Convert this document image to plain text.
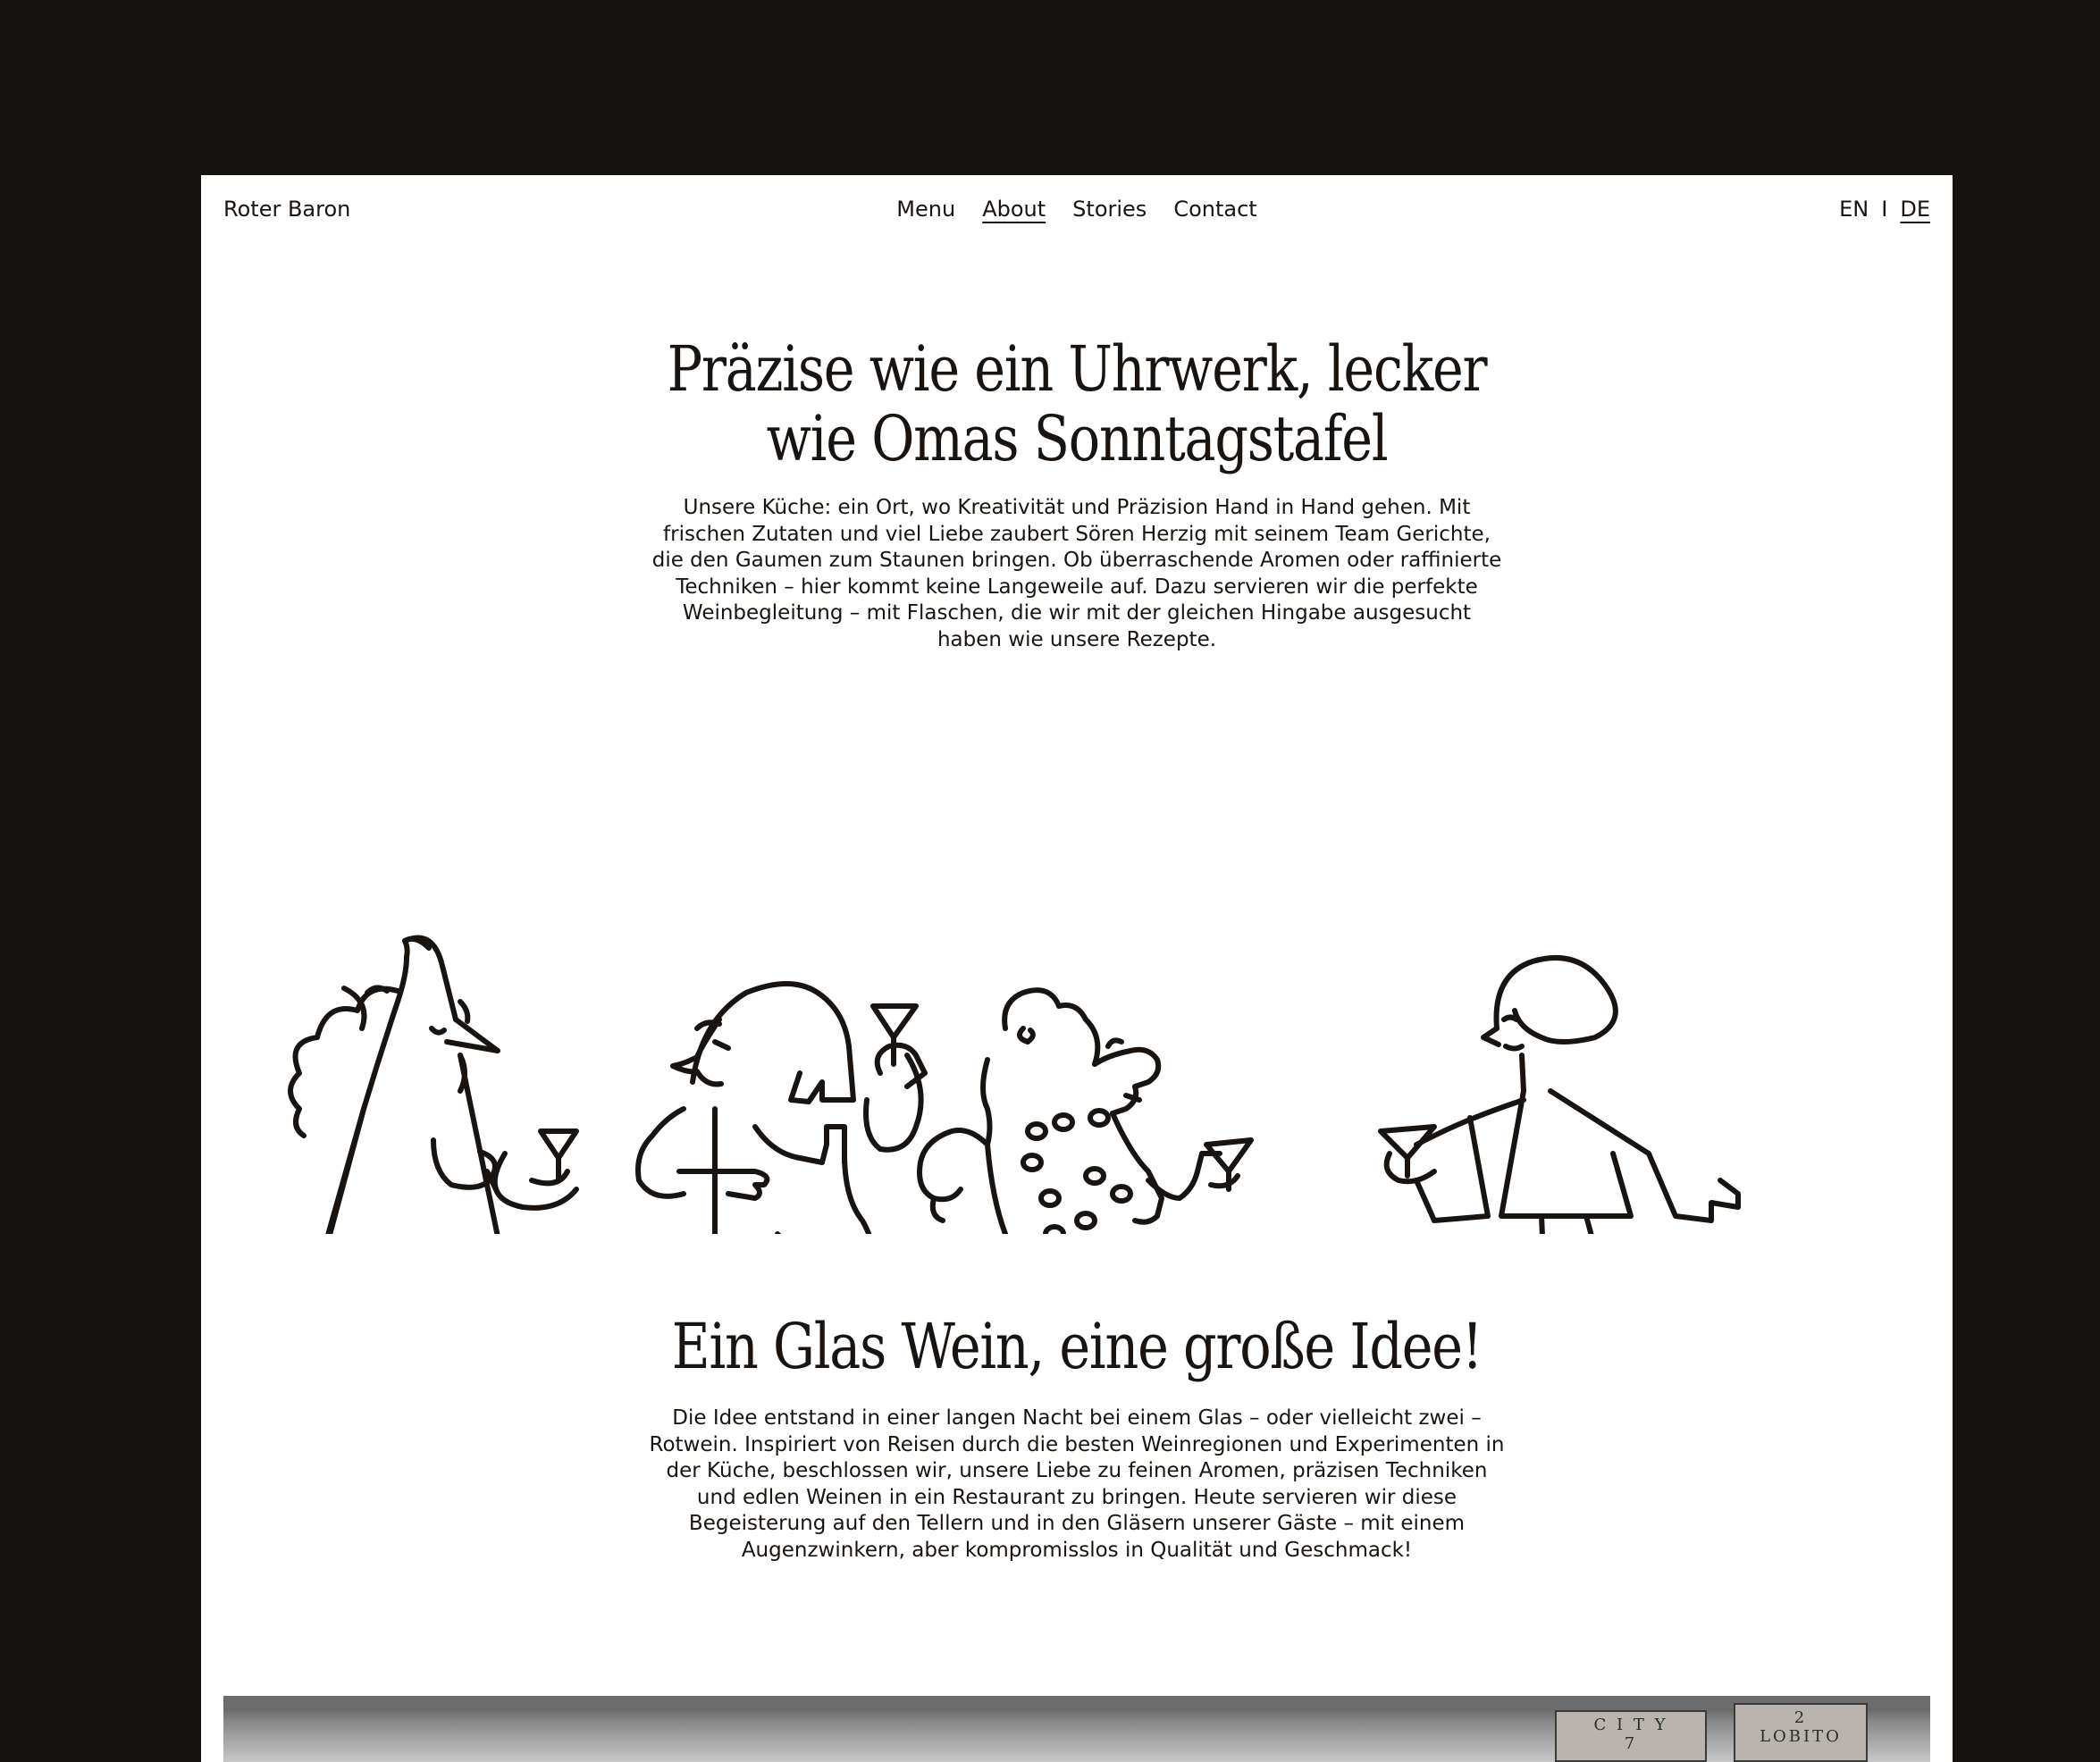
Roter Baron	Menu About Stories Contact	EN I DE
Präzise wie ein Uhrwerk, lecker
wie Omas Sonntagstafel

Unsere Küche: ein Ort, wo Kreativität und Präzision Hand in Hand gehen. Mit frischen Zutaten und viel Liebe zaubert Sören Herzig mit seinem Team Gerichte, die den Gaumen zum Staunen bringen. Ob überraschende Aromen oder raffinierte Techniken – hier kommt keine Langeweile auf. Dazu servieren wir die perfekte Weinbegleitung – mit Flaschen, die wir mit der gleichen Hingabe ausgesucht haben wie unsere Rezepte.

Ein Glas Wein, eine große Idee!

Die Idee entstand in einer langen Nacht bei einem Glas – oder vielleicht zwei – Rotwein. Inspiriert von Reisen durch die besten Weinregionen und Experimenten in der Küche, beschlossen wir, unsere Liebe zu feinen Aromen, präzisen Techniken und edlen Weinen in ein Restaurant zu bringen. Heute servieren wir diese Begeisterung auf den Tellern und in den Gläsern unserer Gäste – mit einem Augenzwinkern, aber kompromisslos in Qualität und Geschmack!

C I T Y
7
2
LOBITO
